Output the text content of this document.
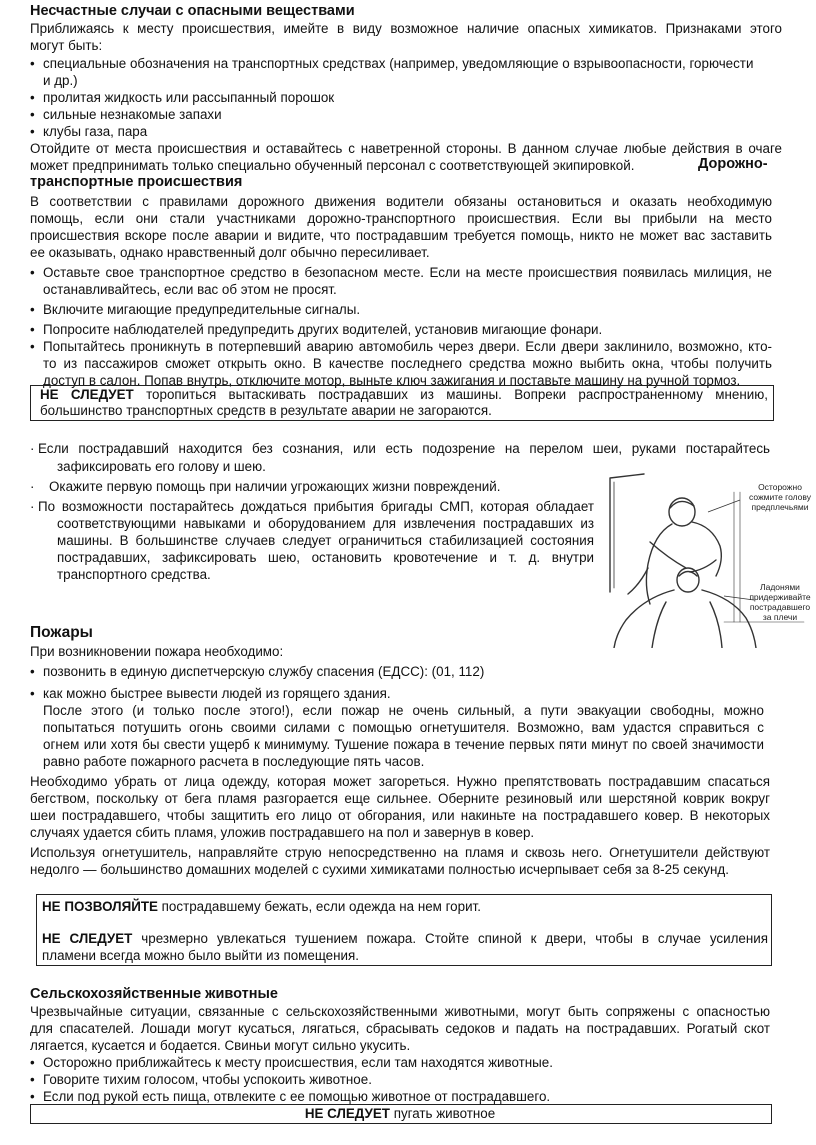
Несчастные случаи с опасными веществами
Приближаясь к месту происшествия, имейте в виду возможное наличие опасных химикатов. Признаками этого
могут быть:
• специальные обозначения на транспортных средствах (например, уведомляющие о взрывоопасности, горючести
и др.)
• пролитая жидкость или рассыпанный порошок
• сильные незнакомые запахи
• клубы газа, пара
Отойдите от места происшествия и оставайтесь с наветренной стороны. В данном случае любые действия в очаге
может предпринимать только специально обученный персонал с соответствующей экипировкой.	Дорожно-
транспортные происшествия
В соответствии с правилами дорожного движения водители обязаны остановиться и оказать необходимую
помощь, если они стали участниками дорожно-транспортного происшествия. Если вы прибыли на место
происшествия вскоре после аварии и видите, что пострадавшим требуется помощь, никто не может вас заставить
ее оказывать, однако нравственный долг обычно пересиливает.
• Оставьте свое транспортное средство в безопасном месте. Если на месте происшествия появилась милиция, не
останавливайтесь, если вас об этом не просят.
• Включите мигающие предупредительные сигналы.
• Попросите наблюдателей предупредить других водителей, установив мигающие фонари.
• Попытайтесь проникнуть в потерпевший аварию автомобиль через двери. Если двери заклинило, возможно, кто-
то из пассажиров сможет открыть окно. В качестве последнего средства можно выбить окна, чтобы получить
доступ в салон. Попав внутрь, отключите мотор, выньте ключ зажигания и поставьте машину на ручной тормоз.
НЕ СЛЕДУЕТ торопиться вытаскивать пострадавших из машины. Вопреки распространенному мнению,
большинство транспортных средств в результате аварии не загораются.
· Если пострадавший находится без сознания, или есть подозрение на перелом шеи, руками постарайтесь
зафиксировать его голову и шею.
· Окажите первую помощь при наличии угрожающих жизни повреждений.
· По возможности постарайтесь дождаться прибытия бригады СМП, которая обладает
соответствующими навыками и оборудованием для извлечения пострадавших из
машины. В большинстве случаев следует ограничиться стабилизацией состояния
пострадавших, зафиксировать шею, остановить кровотечение и т. д. внутри
транспортного средства.
Осторожно
сожмите голову
предплечьями
Ладонями
придерживайте
пострадавшего
за плечи
Пожары
При возникновении пожара необходимо:
• позвонить в единую диспетчерскую службу спасения (ЕДСС): (01, 112)
• как можно быстрее вывести людей из горящего здания.
После этого (и только после этого!), если пожар не очень сильный, а пути эвакуации свободны, можно
попытаться потушить огонь своими силами с помощью огнетушителя. Возможно, вам удастся справиться с
огнем или хотя бы свести ущерб к минимуму. Тушение пожара в течение первых пяти минут по своей значимости
равно работе пожарного расчета в последующие пять часов.
Необходимо убрать от лица одежду, которая может загореться. Нужно препятствовать пострадавшим спасаться
бегством, поскольку от бега пламя разгорается еще сильнее. Оберните резиновый или шерстяной коврик вокруг
шеи пострадавшего, чтобы защитить его лицо от обгорания, или накиньте на пострадавшего ковер. В некоторых
случаях удается сбить пламя, уложив пострадавшего на пол и завернув в ковер.
Используя огнетушитель, направляйте струю непосредственно на пламя и сквозь него. Огнетушители действуют
недолго — большинство домашних моделей с сухими химикатами полностью исчерпывает себя за 8-25 секунд.
НЕ ПОЗВОЛЯЙТЕ пострадавшему бежать, если одежда на нем горит.
НЕ СЛЕДУЕТ чрезмерно увлекаться тушением пожара. Стойте спиной к двери, чтобы в случае усиления
пламени всегда можно было выйти из помещения.
Сельскохозяйственные животные
Чрезвычайные ситуации, связанные с сельскохозяйственными животными, могут быть сопряжены с опасностью
для спасателей. Лошади могут кусаться, лягаться, сбрасывать седоков и падать на пострадавших. Рогатый скот
лягается, кусается и бодается. Свиньи могут сильно укусить.
• Осторожно приближайтесь к месту происшествия, если там находятся животные.
• Говорите тихим голосом, чтобы успокоить животное.
• Если под рукой есть пища, отвлеките с ее помощью животное от пострадавшего.
НЕ СЛЕДУЕТ пугать животное
